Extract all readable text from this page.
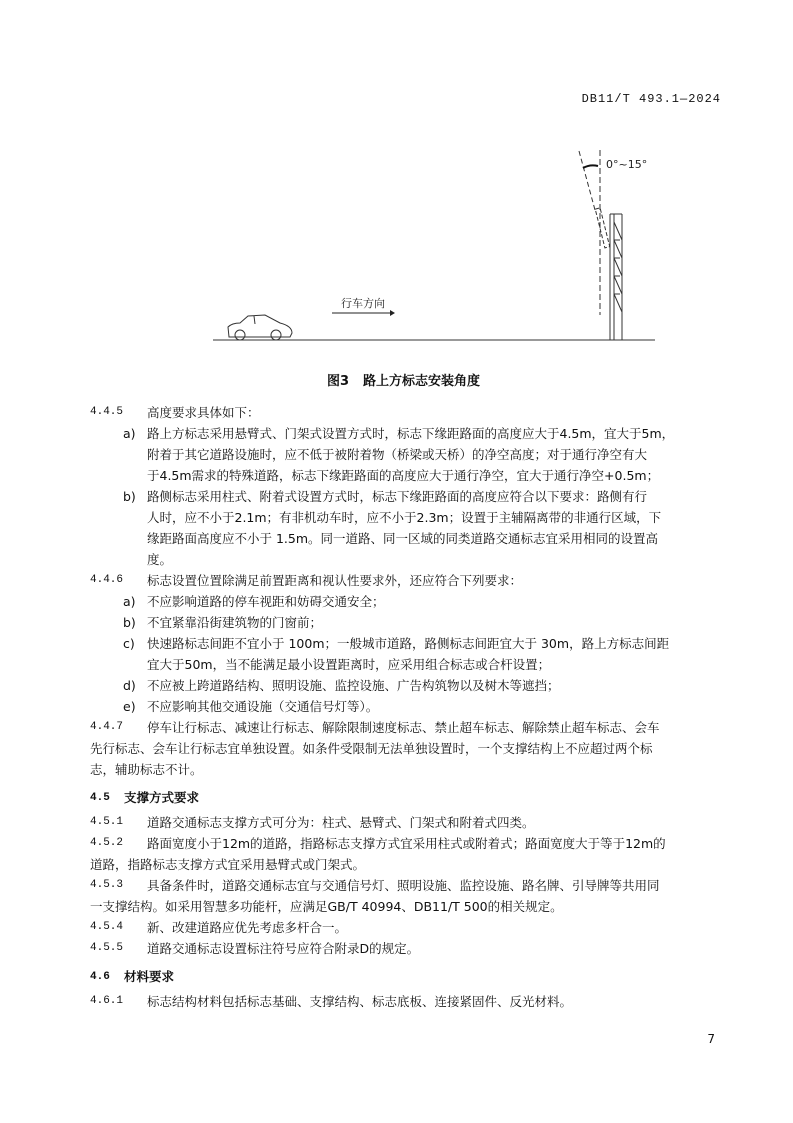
DB11/T 493.1—2024
行车方向
0°~15°
图3 路上方标志安装角度
4.4.5 高度要求具体如下：
a) 路上方标志采用悬臂式、门架式设置方式时，标志下缘距路面的高度应大于4.5m，宜大于5m，
附着于其它道路设施时，应不低于被附着物（桥梁或天桥）的净空高度；对于通行净空有大
于4.5m需求的特殊道路，标志下缘距路面的高度应大于通行净空，宜大于通行净空+0.5m；
b) 路侧标志采用柱式、附着式设置方式时，标志下缘距路面的高度应符合以下要求：路侧有行
人时，应不小于2.1m；有非机动车时，应不小于2.3m；设置于主辅隔离带的非通行区域，下
缘距路面高度应不小于 1.5m。同一道路、同一区域的同类道路交通标志宜采用相同的设置高
度。
4.4.6 标志设置位置除满足前置距离和视认性要求外，还应符合下列要求：
a) 不应影响道路的停车视距和妨碍交通安全；
b) 不宜紧靠沿街建筑物的门窗前；
c) 快速路标志间距不宜小于 100m；一般城市道路，路侧标志间距宜大于 30m，路上方标志间距
宜大于50m，当不能满足最小设置距离时，应采用组合标志或合杆设置；
d) 不应被上跨道路结构、照明设施、监控设施、广告构筑物以及树木等遮挡；
e) 不应影响其他交通设施（交通信号灯等）。
4.4.7 停车让行标志、减速让行标志、解除限制速度标志、禁止超车标志、解除禁止超车标志、会车
先行标志、会车让行标志宜单独设置。如条件受限制无法单独设置时，一个支撑结构上不应超过两个标
志，辅助标志不计。
4.5 支撑方式要求
4.5.1 道路交通标志支撑方式可分为：柱式、悬臂式、门架式和附着式四类。
4.5.2 路面宽度小于12m的道路，指路标志支撑方式宜采用柱式或附着式；路面宽度大于等于12m的
道路，指路标志支撑方式宜采用悬臂式或门架式。
4.5.3 具备条件时，道路交通标志宜与交通信号灯、照明设施、监控设施、路名牌、引导牌等共用同
一支撑结构。如采用智慧多功能杆，应满足GB/T 40994、DB11/T 500的相关规定。
4.5.4 新、改建道路应优先考虑多杆合一。
4.5.5 道路交通标志设置标注符号应符合附录D的规定。
4.6 材料要求
4.6.1 标志结构材料包括标志基础、支撑结构、标志底板、连接紧固件、反光材料。
7
